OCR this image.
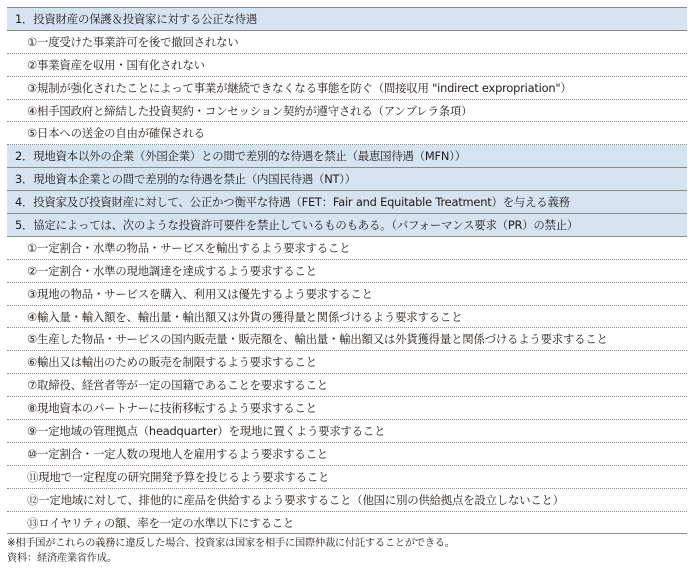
1．投資財産の保護＆投資家に対する公正な待遇
①一度受けた事業許可を後で撤回されない
②事業資産を収用・国有化されない
③規制が強化されたことによって事業が継続できなくなる事態を防ぐ（間接収用 "indirect expropriation"）
④相手国政府と締結した投資契約・コンセッション契約が遵守される（アンブレラ条項）
⑤日本への送金の自由が確保される
2．現地資本以外の企業（外国企業）との間で差別的な待遇を禁止（最恵国待遇（MFN））
3．現地資本企業との間で差別的な待遇を禁止（内国民待遇（NT））
4．投資家及び投資財産に対して、公正かつ衡平な待遇（FET：Fair and Equitable Treatment）を与える義務
5．協定によっては、次のような投資許可要件を禁止しているものもある。（パフォーマンス要求（PR）の禁止）
①一定割合・水準の物品・サービスを輸出するよう要求すること
②一定割合・水準の現地調達を達成するよう要求すること
③現地の物品・サービスを購入、利用又は優先するよう要求すること
④輸入量・輸入額を、輸出量・輸出額又は外貨の獲得量と関係づけるよう要求すること
⑤生産した物品・サービスの国内販売量・販売額を、輸出量・輸出額又は外貨獲得量と関係づけるよう要求すること
⑥輸出又は輸出のための販売を制限するよう要求すること
⑦取締役、経営者等が一定の国籍であることを要求すること
⑧現地資本のパートナーに技術移転するよう要求すること
⑨一定地域の管理拠点（headquarter）を現地に置くよう要求すること
⑩一定割合・一定人数の現地人を雇用するよう要求すること
⑪現地で一定程度の研究開発予算を投じるよう要求すること
⑫一定地域に対して、排他的に産品を供給するよう要求すること（他国に別の供給拠点を設立しないこと）
⑬ロイヤリティの額、率を一定の水準以下にすること
※相手国がこれらの義務に違反した場合、投資家は国家を相手に国際仲裁に付託することができる。
資料：経済産業省作成。
